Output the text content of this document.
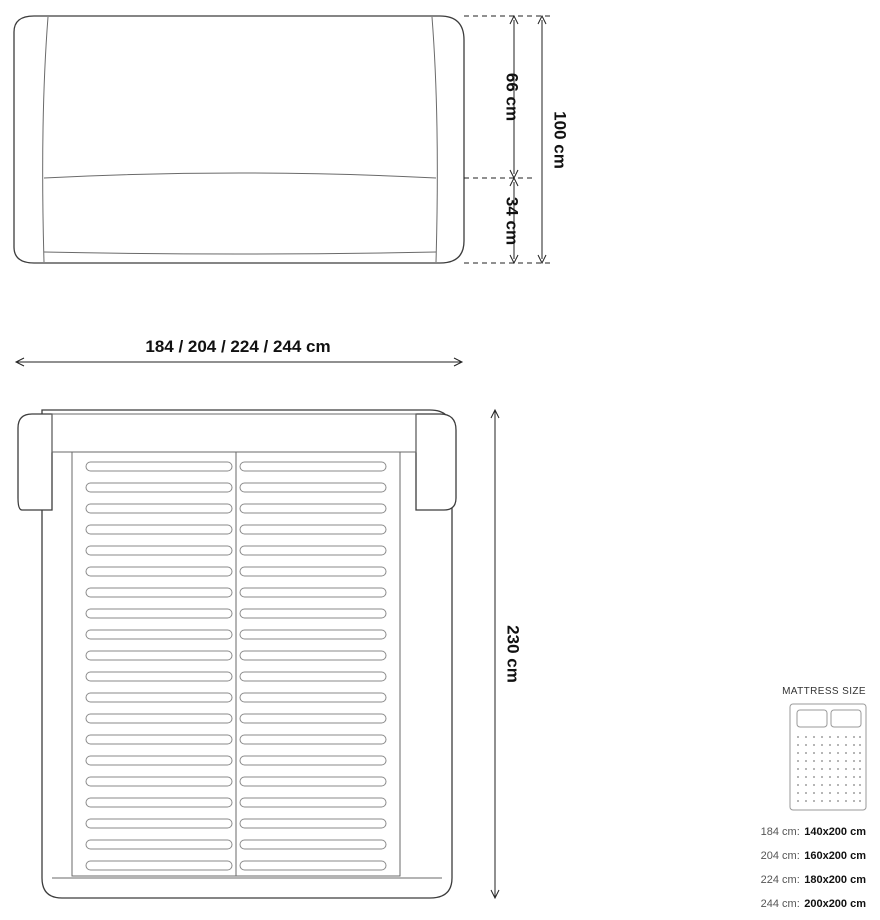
66 cm
34 cm
100 cm
184 / 204 / 224 / 244 cm
230 cm
MATTRESS SIZE
184 cm: 140x200 cm
204 cm: 160x200 cm
224 cm: 180x200 cm
244 cm: 200x200 cm
